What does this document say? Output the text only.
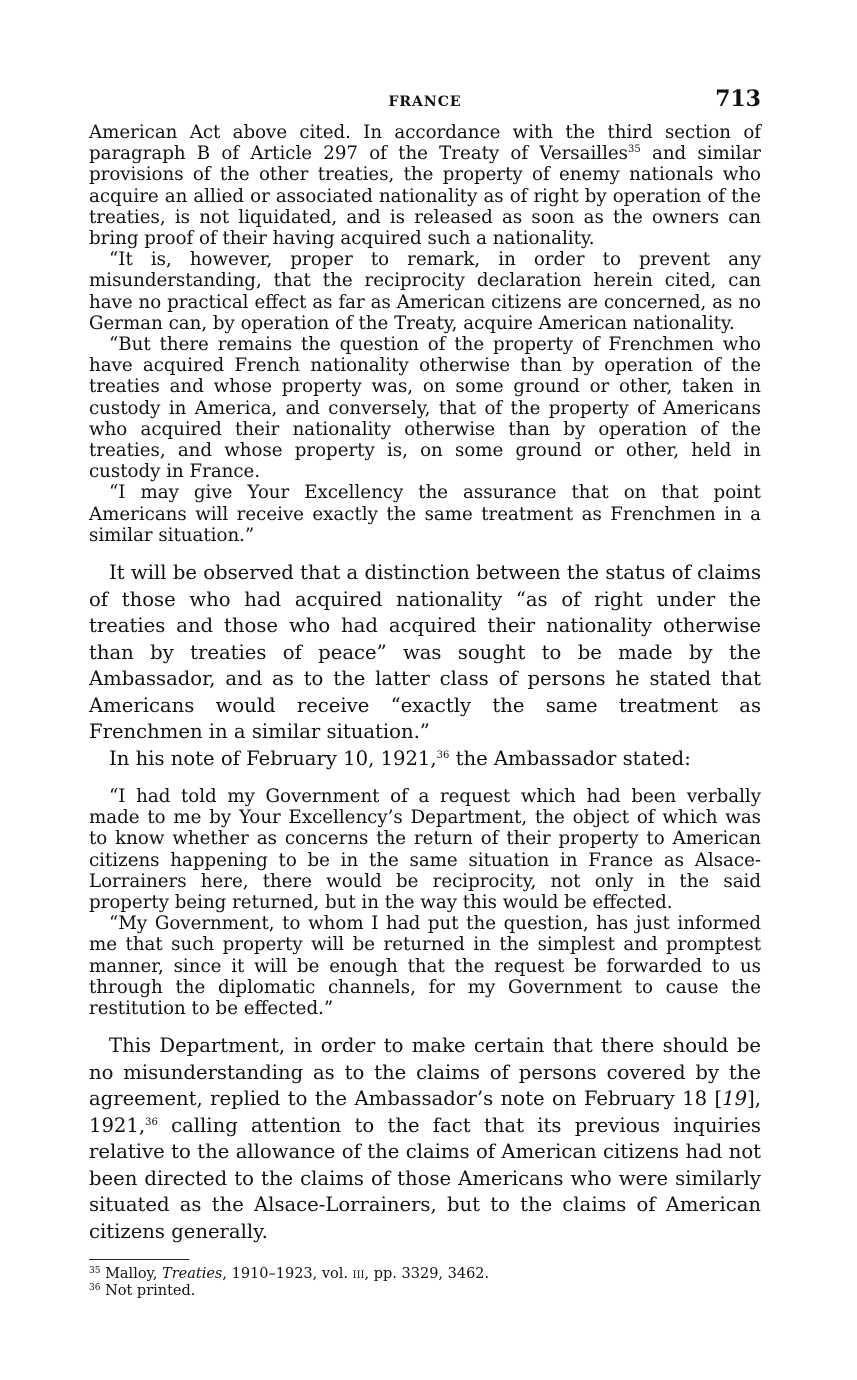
FRANCE	713

American Act above cited. In accordance with the third section of paragraph B of Article 297 of the Treaty of Versailles$^{35}$ and similar provisions of the other treaties, the property of enemy nationals who acquire an allied or associated nationality as of right by operation of the treaties, is not liquidated, and is released as soon as the owners can bring proof of their having acquired such a nationality.

“It is, however, proper to remark, in order to prevent any misunderstanding, that the reciprocity declaration herein cited, can have no practical effect as far as American citizens are concerned, as no German can, by operation of the Treaty, acquire American nationality.

“But there remains the question of the property of Frenchmen who have acquired French nationality otherwise than by operation of the treaties and whose property was, on some ground or other, taken in custody in America, and conversely, that of the property of Americans who acquired their nationality otherwise than by operation of the treaties, and whose property is, on some ground or other, held in custody in France.

“I may give Your Excellency the assurance that on that point Americans will receive exactly the same treatment as Frenchmen in a similar situation.”

It will be observed that a distinction between the status of claims of those who had acquired nationality “as of right under the treaties and those who had acquired their nationality otherwise than by treaties of peace” was sought to be made by the Ambassador, and as to the latter class of persons he stated that Americans would receive “exactly the same treatment as Frenchmen in a similar situation.”

In his note of February 10, 1921,36 the Ambassador stated:

“I had told my Government of a request which had been verbally made to me by Your Excellency’s Department, the object of which was to know whether as concerns the return of their property to American citizens happening to be in the same situation in France as Alsace-Lorrainers here, there would be reciprocity, not only in the said property being returned, but in the way this would be effected.

“My Government, to whom I had put the question, has just informed me that such property will be returned in the simplest and promptest manner, since it will be enough that the request be forwarded to us through the diplomatic channels, for my Government to cause the restitution to be effected.”

This Department, in order to make certain that there should be no misunderstanding as to the claims of persons covered by the agreement, replied to the Ambassador’s note on February 18 [19], 1921,36 calling attention to the fact that its previous inquiries relative to the allowance of the claims of American citizens had not been directed to the claims of those Americans who were similarly situated as the Alsace-Lorrainers, but to the claims of American citizens generally.

$^{35}$ Malloy, Treaties, 1910–1923, vol. iii, pp. 3329, 3462.

$^{36}$ Not printed.
